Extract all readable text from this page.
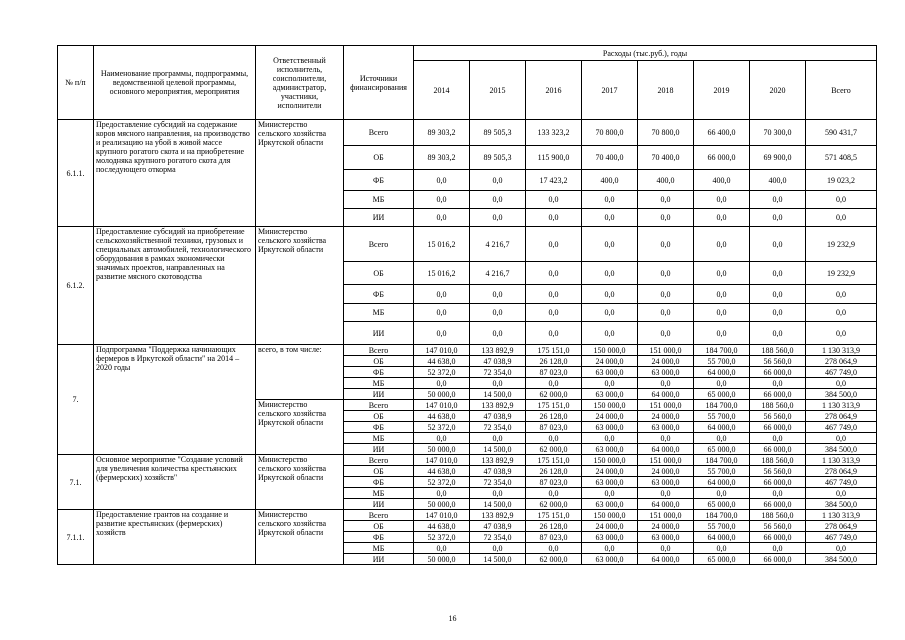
№ п/п	Наименование программы, подпрограммы, ведомственной целевой программы, основного мероприятия, мероприятия	Ответственный исполнитель, соисполнители, администратор, участники, исполнители	Источники финансирования	Расходы (тыс.руб.), годы							
				2014	2015	2016	2017	2018	2019	2020	Всего
6.1.1.	Предоставление субсидий на содержание коров мясного направления, на производство и реализацию на убой в живой массе крупного рогатого скота и на приобретение молодняка крупного рогатого скота для последующего откорма	Министерство сельского хозяйства Иркутской области	Всего	89 303,2	89 505,3	133 323,2	70 800,0	70 800,0	66 400,0	70 300,0	590 431,7
			ОБ	89 303,2	89 505,3	115 900,0	70 400,0	70 400,0	66 000,0	69 900,0	571 408,5
			ФБ	0,0	0,0	17 423,2	400,0	400,0	400,0	400,0	19 023,2
			МБ	0,0	0,0	0,0	0,0	0,0	0,0	0,0	0,0
			ИИ	0,0	0,0	0,0	0,0	0,0	0,0	0,0	0,0
6.1.2.	Предоставление субсидий на приобретение сельскохозяйственной техники, грузовых и специальных автомобилей, технологического оборудования в рамках экономически значимых проектов, направленных на развитие мясного скотоводства	Министерство сельского хозяйства Иркутской области	Всего	15 016,2	4 216,7	0,0	0,0	0,0	0,0	0,0	19 232,9
			ОБ	15 016,2	4 216,7	0,0	0,0	0,0	0,0	0,0	19 232,9
			ФБ	0,0	0,0	0,0	0,0	0,0	0,0	0,0	0,0
			МБ	0,0	0,0	0,0	0,0	0,0	0,0	0,0	0,0
			ИИ	0,0	0,0	0,0	0,0	0,0	0,0	0,0	0,0
7.	Подпрограмма "Поддержка начинающих фермеров в Иркутской области" на 2014 – 2020 годы	всего, в том числе:	Всего	147 010,0	133 892,9	175 151,0	150 000,0	151 000,0	184 700,0	188 560,0	1 130 313,9
			ОБ	44 638,0	47 038,9	26 128,0	24 000,0	24 000,0	55 700,0	56 560,0	278 064,9
			ФБ	52 372,0	72 354,0	87 023,0	63 000,0	63 000,0	64 000,0	66 000,0	467 749,0
			МБ	0,0	0,0	0,0	0,0	0,0	0,0	0,0	0,0
			ИИ	50 000,0	14 500,0	62 000,0	63 000,0	64 000,0	65 000,0	66 000,0	384 500,0
		Министерство сельского хозяйства Иркутской области	Всего	147 010,0	133 892,9	175 151,0	150 000,0	151 000,0	184 700,0	188 560,0	1 130 313,9
			ОБ	44 638,0	47 038,9	26 128,0	24 000,0	24 000,0	55 700,0	56 560,0	278 064,9
			ФБ	52 372,0	72 354,0	87 023,0	63 000,0	63 000,0	64 000,0	66 000,0	467 749,0
			МБ	0,0	0,0	0,0	0,0	0,0	0,0	0,0	0,0
			ИИ	50 000,0	14 500,0	62 000,0	63 000,0	64 000,0	65 000,0	66 000,0	384 500,0
7.1.	Основное мероприятие "Создание условий для увеличения количества крестьянских (фермерских) хозяйств"	Министерство сельского хозяйства Иркутской области	Всего	147 010,0	133 892,9	175 151,0	150 000,0	151 000,0	184 700,0	188 560,0	1 130 313,9
			ОБ	44 638,0	47 038,9	26 128,0	24 000,0	24 000,0	55 700,0	56 560,0	278 064,9
			ФБ	52 372,0	72 354,0	87 023,0	63 000,0	63 000,0	64 000,0	66 000,0	467 749,0
			МБ	0,0	0,0	0,0	0,0	0,0	0,0	0,0	0,0
			ИИ	50 000,0	14 500,0	62 000,0	63 000,0	64 000,0	65 000,0	66 000,0	384 500,0
7.1.1.	Предоставление грантов на создание и развитие крестьянских (фермерских) хозяйств	Министерство сельского хозяйства Иркутской области	Всего	147 010,0	133 892,9	175 151,0	150 000,0	151 000,0	184 700,0	188 560,0	1 130 313,9
			ОБ	44 638,0	47 038,9	26 128,0	24 000,0	24 000,0	55 700,0	56 560,0	278 064,9
			ФБ	52 372,0	72 354,0	87 023,0	63 000,0	63 000,0	64 000,0	66 000,0	467 749,0
			МБ	0,0	0,0	0,0	0,0	0,0	0,0	0,0	0,0
			ИИ	50 000,0	14 500,0	62 000,0	63 000,0	64 000,0	65 000,0	66 000,0	384 500,0
16
